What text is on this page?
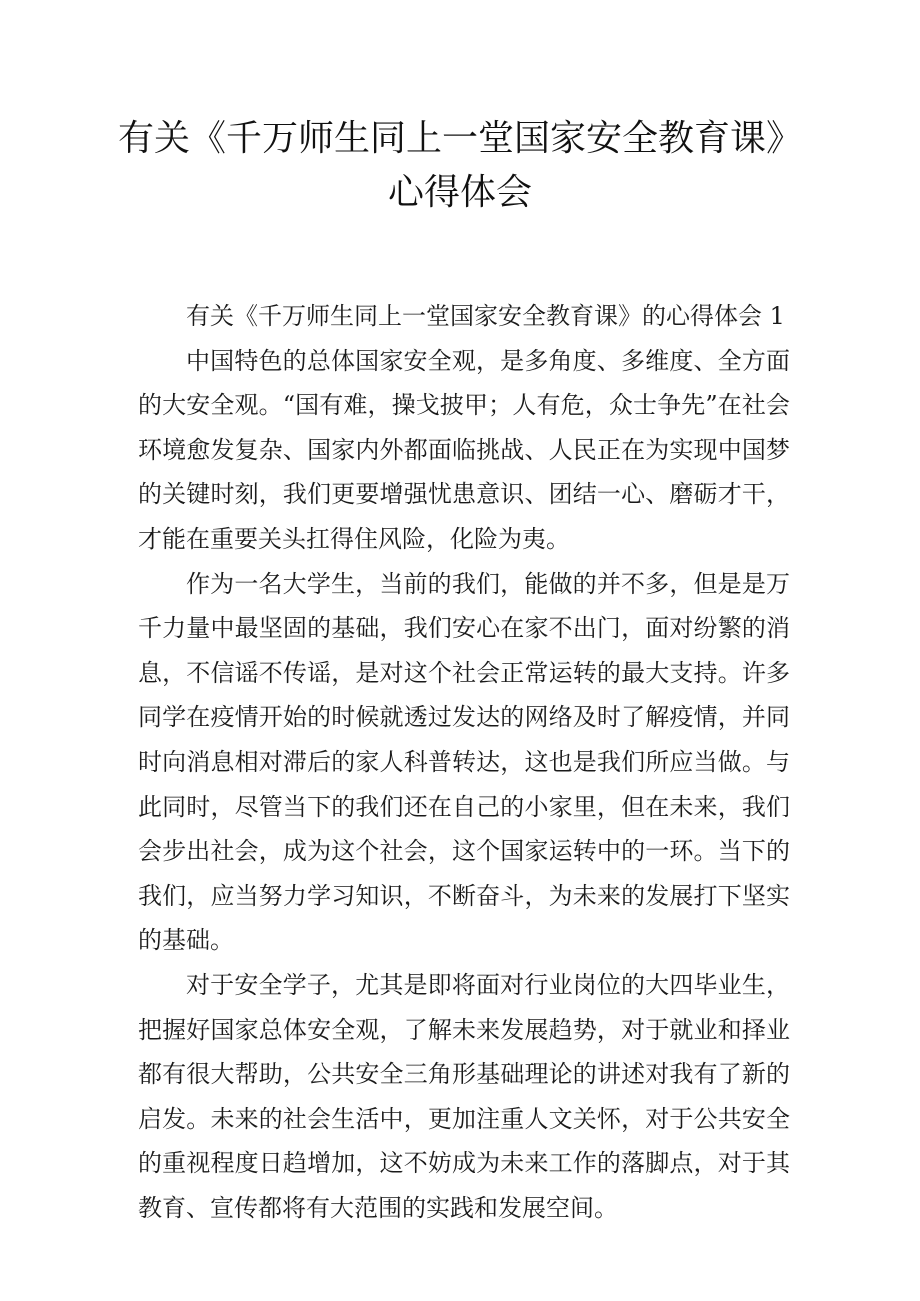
有关《千万师生同上一堂国家安全教育课》
心得体会

有关《千万师生同上一堂国家安全教育课》的心得体会 1

中国特色的总体国家安全观，是多角度、多维度、全方面的大安全观。“国有难，操戈披甲；人有危，众士争先”在社会环境愈发复杂、国家内外都面临挑战、人民正在为实现中国梦的关键时刻，我们更要增强忧患意识、团结一心、磨砺才干，才能在重要关头扛得住风险，化险为夷。

作为一名大学生，当前的我们，能做的并不多，但是是万千力量中最坚固的基础，我们安心在家不出门，面对纷繁的消息，不信谣不传谣，是对这个社会正常运转的最大支持。许多同学在疫情开始的时候就透过发达的网络及时了解疫情，并同时向消息相对滞后的家人科普转达，这也是我们所应当做。与此同时，尽管当下的我们还在自己的小家里，但在未来，我们会步出社会，成为这个社会，这个国家运转中的一环。当下的我们，应当努力学习知识，不断奋斗，为未来的发展打下坚实的基础。

对于安全学子，尤其是即将面对行业岗位的大四毕业生，把握好国家总体安全观，了解未来发展趋势，对于就业和择业都有很大帮助，公共安全三角形基础理论的讲述对我有了新的启发。未来的社会生活中，更加注重人文关怀，对于公共安全的重视程度日趋增加，这不妨成为未来工作的落脚点，对于其教育、宣传都将有大范围的实践和发展空间。
